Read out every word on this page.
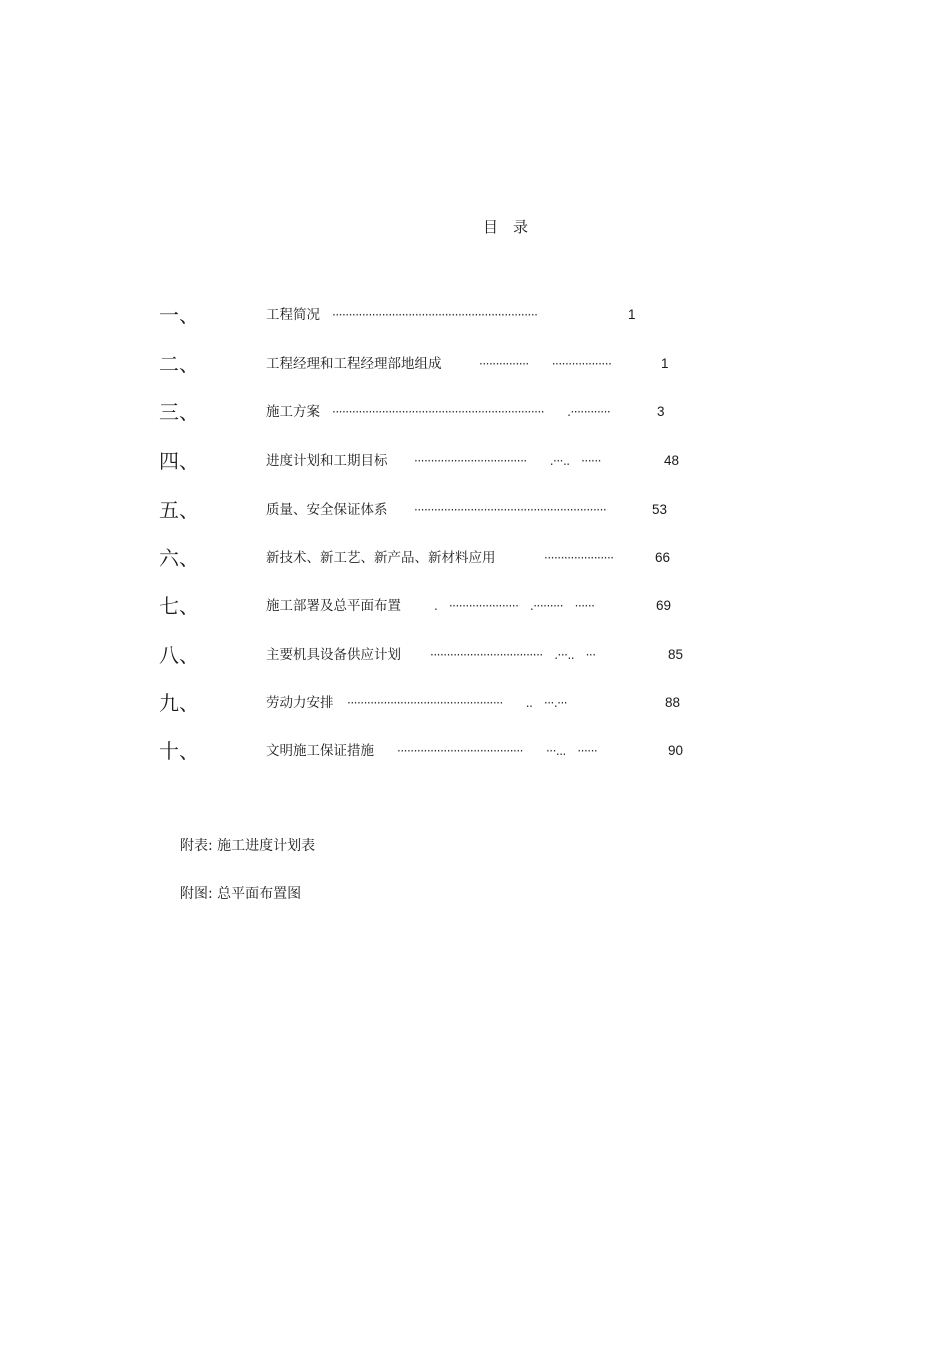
目　录
一、	工程简况 ······························································	1
二、	工程经理和工程经理部地组成	···············　　··················	1
三、	施工方案 ································································　　.············	3
四、	进度计划和工期目标 ··································　　.···..　······	48
五、	质量、安全保证体系 ··························································	53
六、	新技术、新工艺、新产品、新材料应用	·····················	66
七、	施工部署及总平面布置	.　·····················　.·········　······	69
八、	主要机具设备供应计划 ··································　.···..　···	85
九、	劳动力安排 ···············································　　..　···.···	88
十、	文明施工保证措施 ······································　　···...　······	90
附表: 施工进度计划表
附图: 总平面布置图
